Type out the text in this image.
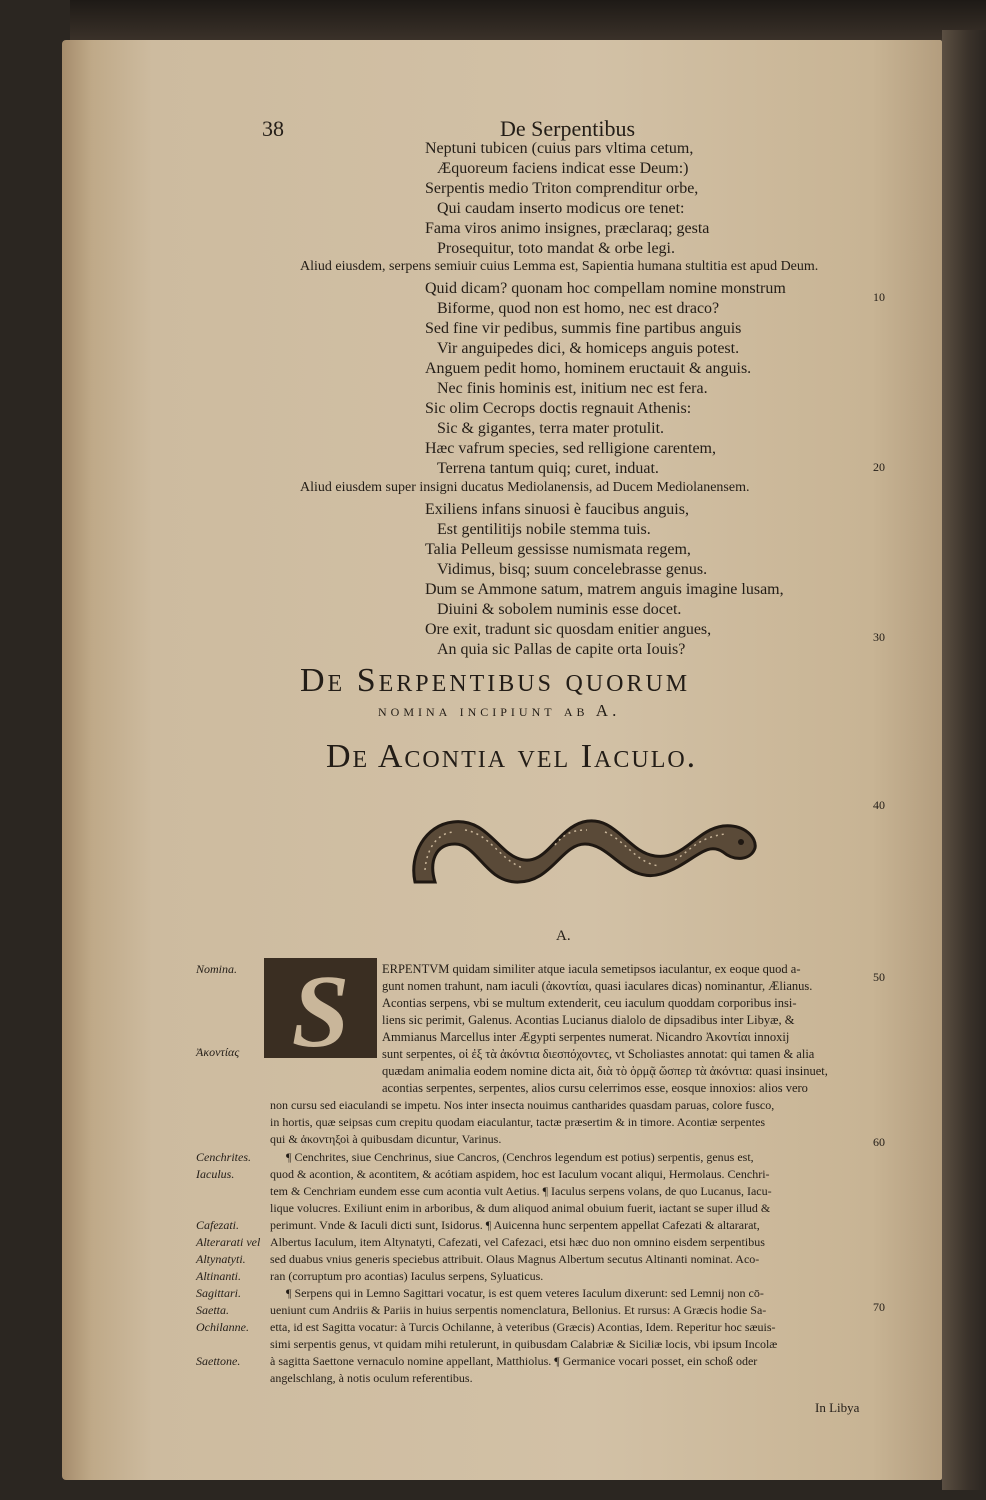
38	De Serpentibus
Neptuni tubicen (cuius pars vltima cetum,
Æquoreum faciens indicat esse Deum:)
Serpentis medio Triton comprenditur orbe,
Qui caudam inserto modicus ore tenet:
Fama viros animo insignes, præclaraq; gesta
Prosequitur, toto mandat & orbe legi.
Aliud eiusdem, serpens semiuir cuius Lemma est, Sapientia humana stultitia est apud Deum.
Quid dicam? quonam hoc compellam nomine monstrum
Biforme, quod non est homo, nec est draco?
Sed fine vir pedibus, summis fine partibus anguis
Vir anguipedes dici, & homiceps anguis potest.
Anguem pedit homo, hominem eructauit & anguis.
Nec finis hominis est, initium nec est fera.
Sic olim Cecrops doctis regnauit Athenis:
Sic & gigantes, terra mater protulit.
Hæc vafrum species, sed relligione carentem,
Terrena tantum quiq; curet, induat.
Aliud eiusdem super insigni ducatus Mediolanensis, ad Ducem Mediolanensem.
Exiliens infans sinuosi è faucibus anguis,
Est gentilitijs nobile stemma tuis.
Talia Pelleum gessisse numismata regem,
Vidimus, bisq; suum concelebrasse genus.
Dum se Ammone satum, matrem anguis imagine lusam,
Diuini & sobolem numinis esse docet.
Ore exit, tradunt sic quosdam enitier angues,
An quia sic Pallas de capite orta Iouis?
De Serpentibus quorum
nomina incipiunt ab A.
De Acontia vel Iaculo.
A.
S	ERPENTVM quidam similiter atque iacula semetipsos iaculantur, ex eoque quod a-
gunt nomen trahunt, nam iaculi (ἀκοντίαι, quasi iaculares dicas) nominantur, Ælianus.
Acontias serpens, vbi se multum extenderit, ceu iaculum quoddam corporibus insi-
liens sic perimit, Galenus. Acontias Lucianus dialolo de dipsadibus inter Libyæ, &
Ammianus Marcellus inter Ægypti serpentes numerat. Nicandro Ἀκοντίαι innoxij
sunt serpentes, οἱ ἐξ τὰ ἀκόντια διεσπόχοντες, vt Scholiastes annotat: qui tamen & alia
quædam animalia eodem nomine dicta ait, διὰ τὸ ὁρμᾷ ὥσπερ τὰ ἀκόντια: quasi insinuet,
acontias serpentes, serpentes, alios cursu celerrimos esse, eosque innoxios: alios vero
non cursu sed eiaculandi se impetu. Nos inter insecta nouimus cantharides quasdam paruas, colore fusco,
in hortis, quæ seipsas cum crepitu quodam eiaculantur, tactæ præsertim & in timore. Acontiæ serpentes
qui & ἀκοντηξοὶ à quibusdam dicuntur, Varinus.
¶ Cenchrites, siue Cenchrinus, siue Cancros, (Cenchros legendum est potius) serpentis, genus est,
quod & acontion, & acontitem, & acótiam aspidem, hoc est Iaculum vocant aliqui, Hermolaus. Cenchri-
tem & Cenchriam eundem esse cum acontia vult Aetius. ¶ Iaculus serpens volans, de quo Lucanus, Iacu-
lique volucres. Exiliunt enim in arboribus, & dum aliquod animal obuium fuerit, iactant se super illud &
perimunt. Vnde & Iaculi dicti sunt, Isidorus. ¶ Auicenna hunc serpentem appellat Cafezati & altararat,
Albertus Iaculum, item Altynatyti, Cafezati, vel Cafezaci, etsi hæc duo non omnino eisdem serpentibus
sed duabus vnius generis speciebus attribuit. Olaus Magnus Albertum secutus Altinanti nominat. Aco-
ran (corruptum pro acontias) Iaculus serpens, Syluaticus.
¶ Serpens qui in Lemno Sagittari vocatur, is est quem veteres Iaculum dixerunt: sed Lemnij non cō-
ueniunt cum Andriis & Pariis in huius serpentis nomenclatura, Bellonius. Et rursus: A Græcis hodie Sa-
etta, id est Sagitta vocatur: à Turcis Ochilanne, à veteribus (Græcis) Acontias, Idem. Reperitur hoc sæuis-
simi serpentis genus, vt quidam mihi retulerunt, in quibusdam Calabriæ & Siciliæ locis, vbi ipsum Incolæ
à sagitta Saettone vernaculo nomine appellant, Matthiolus. ¶ Germanice vocari posset, ein schoß oder
angelschlang, à notis oculum referentibus.
Nomina.
Ἀκοντίας
Cenchrites.
Iaculus.
Cafezati.
Alterarati vel
Altynatyti.
Altinanti.
Sagittari.
Saetta.
Ochilanne.
Saettone.
10
20
30
40
50
60
70
In Libya
